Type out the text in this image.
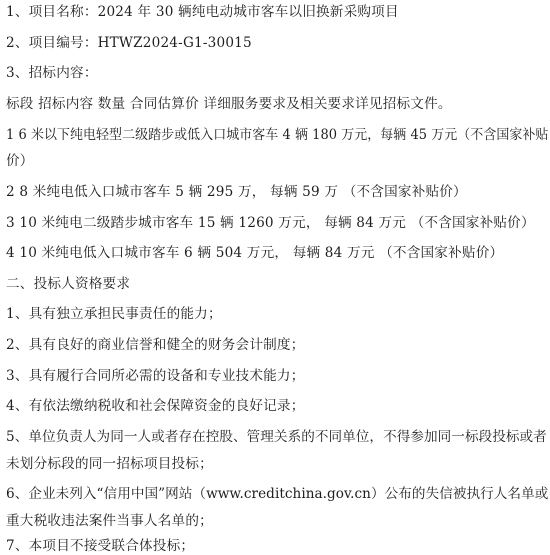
1、项目名称：2024 年 30 辆纯电动城市客车以旧换新采购项目
2、项目编号：HTWZ2024-G1-30015
3、招标内容：
标段 招标内容 数量 合同估算价 详细服务要求及相关要求详见招标文件。
1 6 米以下纯电轻型二级踏步或低入口城市客车 4 辆 180 万元，每辆 45 万元（不含国家补贴
价）
2 8 米纯电低入口城市客车 5 辆 295 万， 每辆 59 万 （不含国家补贴价）
3 10 米纯电二级踏步城市客车 15 辆 1260 万元， 每辆 84 万元 （不含国家补贴价）
4 10 米纯电低入口城市客车 6 辆 504 万元， 每辆 84 万元 （不含国家补贴价）
二、投标人资格要求
1、具有独立承担民事责任的能力；
2、具有良好的商业信誉和健全的财务会计制度；
3、具有履行合同所必需的设备和专业技术能力；
4、有依法缴纳税收和社会保障资金的良好记录；
5、单位负责人为同一人或者存在控股、管理关系的不同单位，不得参加同一标段投标或者
未划分标段的同一招标项目投标；
6、企业未列入“信用中国”网站（www.creditchina.gov.cn）公布的失信被执行人名单或
重大税收违法案件当事人名单的；
7、本项目不接受联合体投标；
